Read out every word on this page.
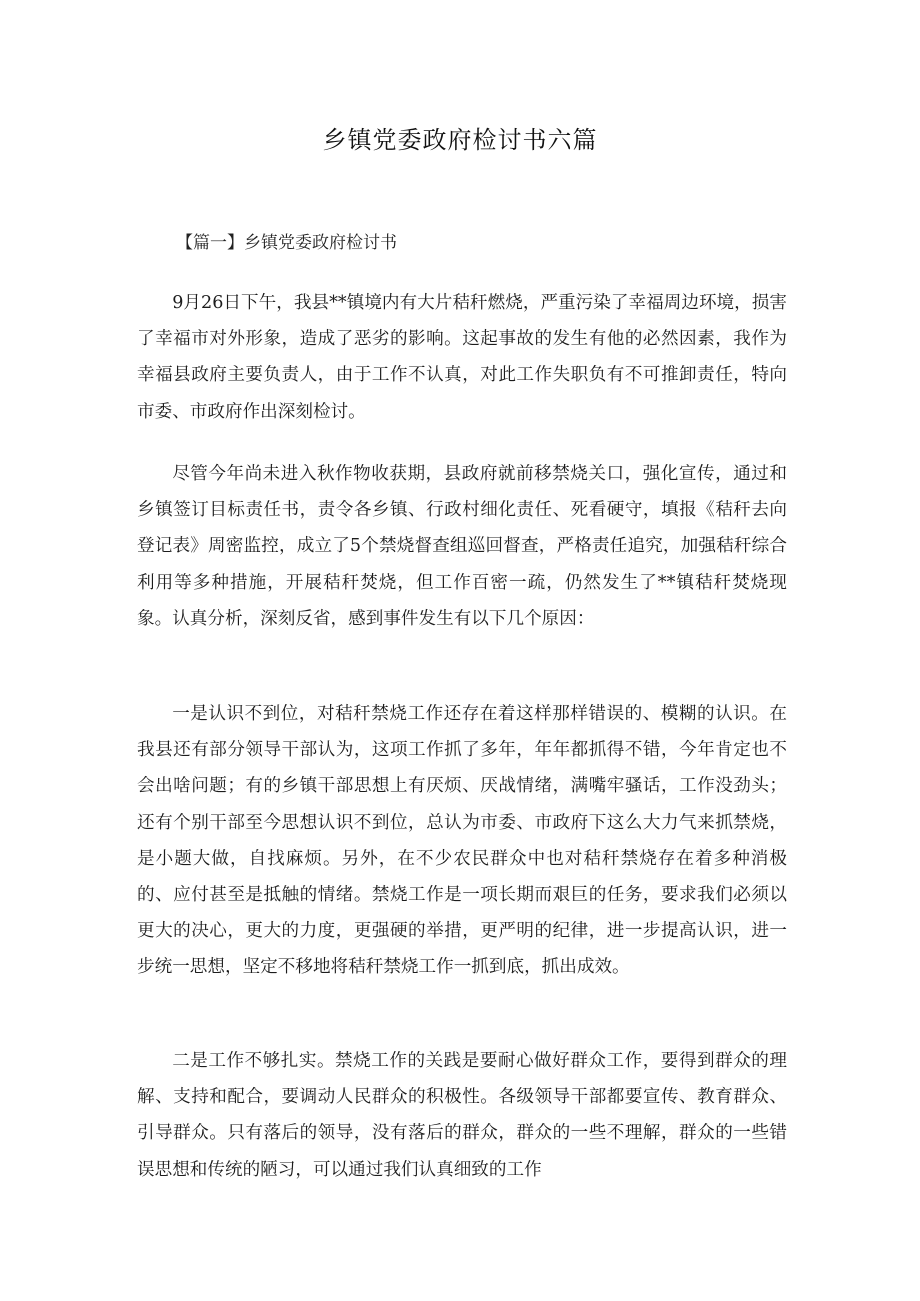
乡镇党委政府检讨书六篇
【篇一】乡镇党委政府检讨书

9月26日下午，我县**镇境内有大片秸秆燃烧，严重污染了幸福周边环境，损害了幸福市对外形象，造成了恶劣的影响。这起事故的发生有他的必然因素，我作为幸福县政府主要负责人，由于工作不认真，对此工作失职负有不可推卸责任，特向市委、市政府作出深刻检讨。

尽管今年尚未进入秋作物收获期，县政府就前移禁烧关口，强化宣传，通过和乡镇签订目标责任书，责令各乡镇、行政村细化责任、死看硬守，填报《秸秆去向登记表》周密监控，成立了5个禁烧督查组巡回督查，严格责任追究，加强秸秆综合利用等多种措施，开展秸秆焚烧，但工作百密一疏，仍然发生了**镇秸秆焚烧现象。认真分析，深刻反省，感到事件发生有以下几个原因：

一是认识不到位，对秸秆禁烧工作还存在着这样那样错误的、模糊的认识。在我县还有部分领导干部认为，这项工作抓了多年，年年都抓得不错，今年肯定也不会出啥问题；有的乡镇干部思想上有厌烦、厌战情绪，满嘴牢骚话，工作没劲头；还有个别干部至今思想认识不到位，总认为市委、市政府下这么大力气来抓禁烧，是小题大做，自找麻烦。另外，在不少农民群众中也对秸秆禁烧存在着多种消极的、应付甚至是抵触的情绪。禁烧工作是一项长期而艰巨的任务，要求我们必须以更大的决心，更大的力度，更强硬的举措，更严明的纪律，进一步提高认识，进一步统一思想，坚定不移地将秸秆禁烧工作一抓到底，抓出成效。

二是工作不够扎实。禁烧工作的关践是要耐心做好群众工作，要得到群众的理解、支持和配合，要调动人民群众的积极性。各级领导干部都要宣传、教育群众、引导群众。只有落后的领导，没有落后的群众，群众的一些不理解，群众的一些错误思想和传统的陋习，可以通过我们认真细致的工作
